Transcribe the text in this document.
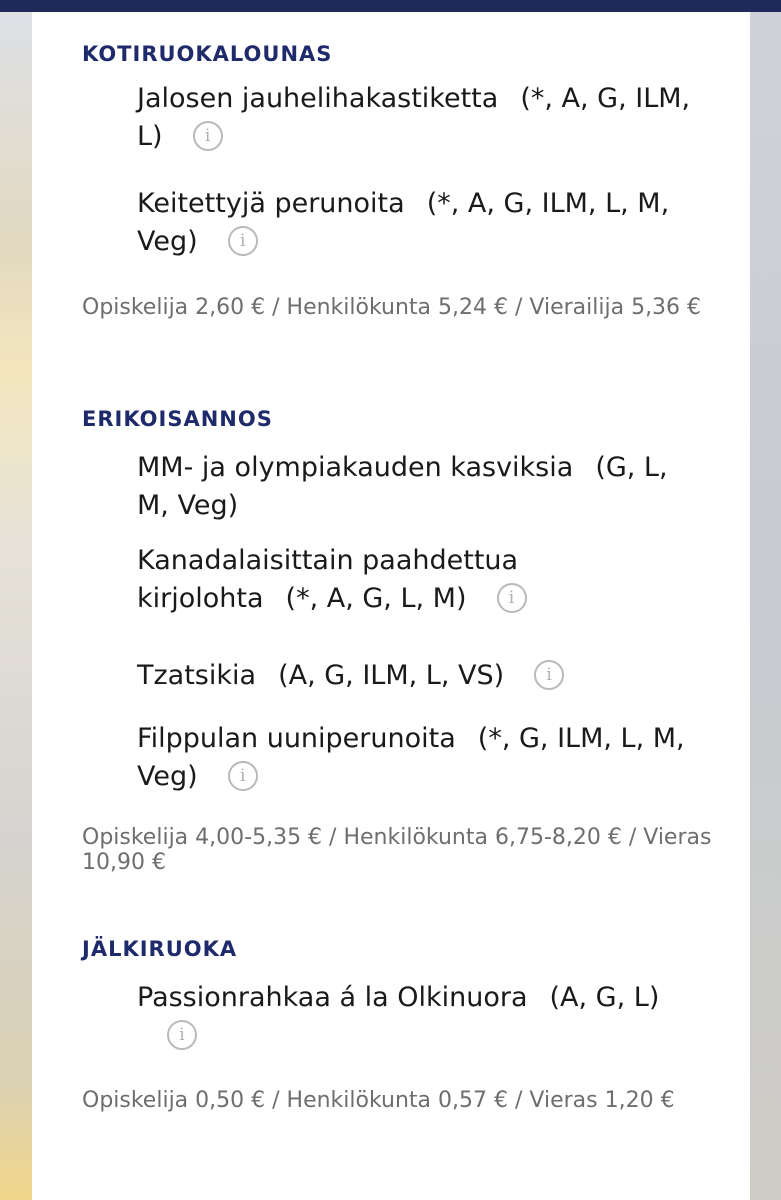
KOTIRUOKALOUNAS
Jalosen jauhelihakastiketta (*, A, G, ILM, L) i
Keitettyjä perunoita (*, A, G, ILM, L, M, Veg) i
Opiskelija 2,60 € / Henkilökunta 5,24 € / Vierailija 5,36 €
ERIKOISANNOS
MM- ja olympiakauden kasviksia (G, L, M, Veg)
Kanadalaisittain paahdettua kirjolohta (*, A, G, L, M) i
Tzatsikia (A, G, ILM, L, VS) i
Filppulan uuniperunoita (*, G, ILM, L, M, Veg) i
Opiskelija 4,00-5,35 € / Henkilökunta 6,75-8,20 € / Vieras 10,90 €
JÄLKIRUOKA
Passionrahkaa á la Olkinuora (A, G, L)i
Opiskelija 0,50 € / Henkilökunta 0,57 € / Vieras 1,20 €
